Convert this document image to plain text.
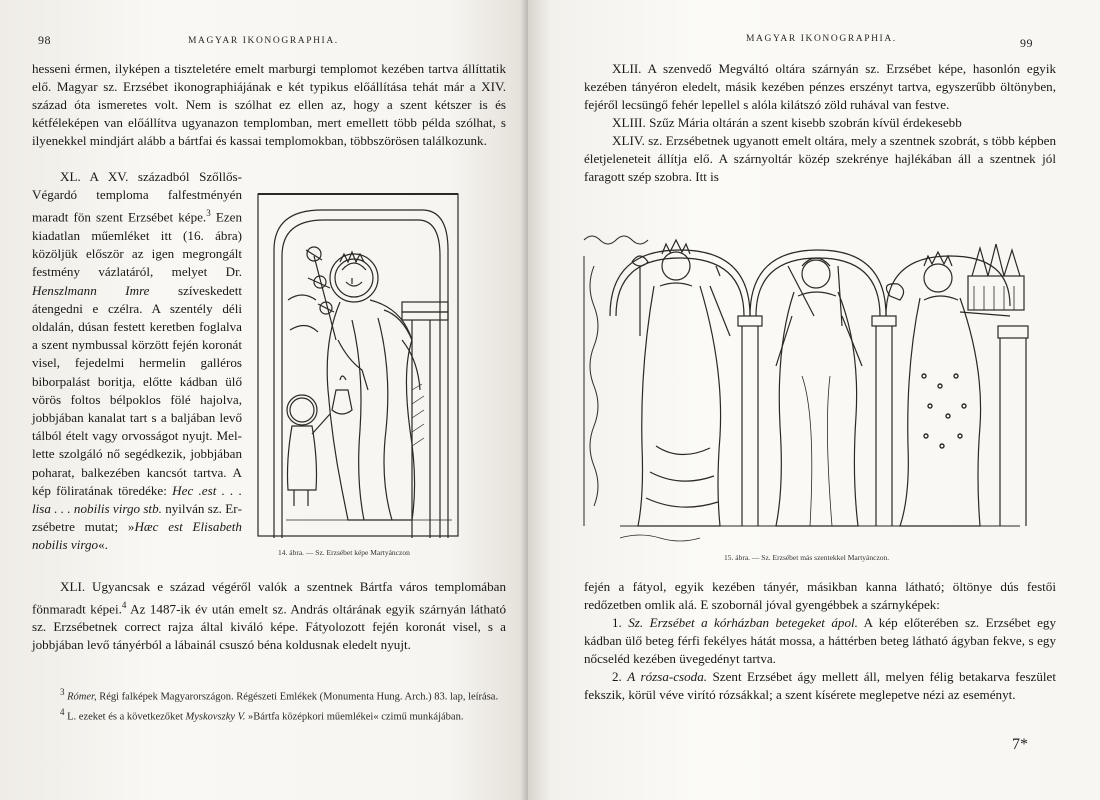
98	MAGYAR IKONOGRAPHIA.

hesseni érmen, ilyképen a tiszteletére emelt marburgi templomot kezében tartva állíttatik elő. Magyar sz. Erzsébet ikonographiájának e két typikus előállítása tehát már a XIV. század óta ismeretes volt. Nem is szólhat ez ellen az, hogy a szent kétszer is és kétféleképen van előállítva ugyanazon templomban, mert emellett több példa szólhat, s ilyenekkel mindjárt alább a bártfai és kassai templomokban, többszörösen találkozunk.

XL. A XV. századból Szőllős-Végardó temploma falfestményén maradt fön szent Erzsébet képe.$^3$ Ezen kiadatlan műemléket itt (16. ábra) közöljük először az igen megrongált festmény vázlatáról, melyet Dr. Henszlmann Imre szíveskedett átengedni e czélra. A szentély déli oldalán, dúsan festett keretben foglalva a szent nymbussal körzött fején koronát visel, fejedelmi hermelin galléros biborpalást boritja, előtte kádban ülő vörös foltos bélpoklos fölé hajolva, jobbjában kanalat tart s a baljában levő tálból ételt vagy orvosságot nyujt. Mellette szolgáló nő segédkezik, jobbjában poharat, balkezében kancsót tartva. A kép föliratának töredéke: Hec .est . . . lisa . . . nobilis virgo stb. nyilván sz. Erzsébetre mutat; »Hæc est Elisabeth nobilis virgo«.

14. ábra. — Sz. Erzsébet képe Martyánczon

XLI. Ugyancsak e század végéről valók a szentnek Bártfa város templomában fönmaradt képei.$^4$ Az 1487-ik év után emelt sz. András oltárának egyik szárnyán látható sz. Erzsébetnek correct rajza által kiváló képe. Fátyolozott fején koronát visel, s a jobbjában levő tányérból a lábainál csuszó béna koldusnak eledelt nyujt.

3 Rómer, Régi falképek Magyarországon. Régészeti Emlékek (Monumenta Hung. Arch.) 83. lap, leírása.

4 L. ezeket és a következőket Myskovszky V. »Bártfa középkori műemlékei« czimű munkájában.

MAGYAR IKONOGRAPHIA.	99

XLII. A szenvedő Megváltó oltára szárnyán sz. Erzsébet képe, hasonlón egyik kezében tányéron eledelt, másik kezében pénzes erszényt tartva, egyszerűbb öltönyben, fejéről lecsüngő fehér lepellel s alóla kilátszó zöld ruhával van festve.

XLIII. Szűz Mária oltárán a szent kisebb szobrán kívül érdekesebb

XLIV. sz. Erzsébetnek ugyanott emelt oltára, mely a szentnek szobrát, s több képben életjeleneteit állítja elő. A szárnyoltár közép szekrénye hajlékában áll a szentnek jól faragott szép szobra. Itt is

15. ábra. — Sz. Erzsébet más szentekkel Martyánczon.

fején a fátyol, egyik kezében tányér, másikban kanna látható; öltönye dús festői redőzetben omlik alá. E szobornál jóval gyengébbek a szárnyképek:

1. Sz. Erzsébet a kórházban betegeket ápol. A kép előterében sz. Erzsébet egy kádban ülő beteg férfi fekélyes hátát mossa, a háttérben beteg látható ágyban fekve, s egy nőcseléd kezében üvegedényt tartva.

2. A rózsa-csoda. Szent Erzsébet ágy mellett áll, melyen félig betakarva feszület fekszik, körül véve virító rózsákkal; a szent kísérete meglepetve nézi az eseményt.

7*
